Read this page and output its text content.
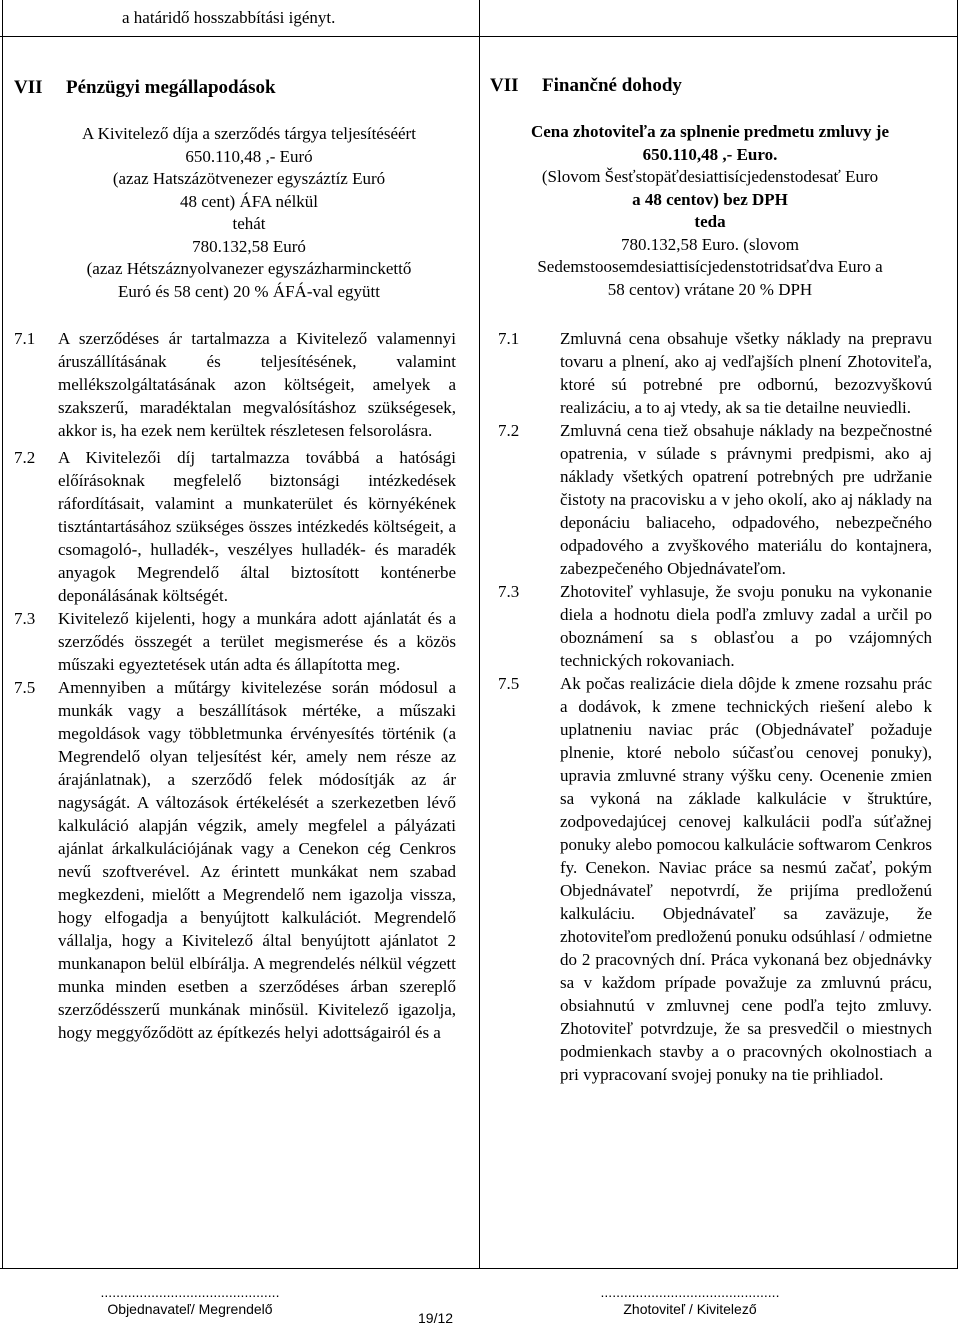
a határidő hosszabbítási igényt.
VII Pénzügyi megállapodások
A Kivitelező díja a szerződés tárgya teljesítéséért
650.110,48 ,- Euró
(azaz Hatszázötvenezer egyszáztíz Euró
48 cent) ÁFA nélkül
tehát
780.132,58 Euró
(azaz Hétszáznyolvanezer egyszázharminckettő
Euró és 58 cent) 20 % ÁFÁ-val együtt
7.1	A szerződéses ár tartalmazza a Kivitelező valamennyi áruszállításának és teljesítésének, valamint mellékszolgáltatásának azon költségeit, amelyek a szakszerű, maradéktalan megvalósításhoz szükségesek, akkor is, ha ezek nem kerültek részletesen felsorolásra.
7.2	A Kivitelezői díj tartalmazza továbbá a hatósági előírásoknak megfelelő biztonsági intézkedések ráfordításait, valamint a munkaterület és környékének tisztántartásához szükséges összes intézkedés költségeit, a csomagoló-, hulladék-, veszélyes hulladék- és maradék anyagok Megrendelő által biztosított konténerbe deponálásának költségét.
7.3	Kivitelező kijelenti, hogy a munkára adott ajánlatát és a szerződés összegét a terület megismerése és a közös műszaki egyeztetések után adta és állapította meg.
7.5	Amennyiben a műtárgy kivitelezése során módosul a munkák vagy a beszállítások mértéke, a műszaki megoldások vagy többletmunka érvényesítés történik (a Megrendelő olyan teljesítést kér, amely nem része az árajánlatnak), a szerződő felek módosítják az ár nagyságát. A változások értékelését a szerkezetben lévő kalkuláció alapján végzik, amely megfelel a pályázati ajánlat árkalkulációjának vagy a Cenekon cég Cenkros nevű szoftverével. Az érintett munkákat nem szabad megkezdeni, mielőtt a Megrendelő nem igazolja vissza, hogy elfogadja a benyújtott kalkulációt. Megrendelő vállalja, hogy a Kivitelező által benyújtott ajánlatot 2 munkanapon belül elbírálja. A megrendelés nélkül végzett munka minden esetben a szerződéses árban szereplő szerződésszerű munkának minősül. Kivitelező igazolja, hogy meggyőződött az építkezés helyi adottságairól és a
VII Finančné dohody
Cena zhotoviteľa za splnenie predmetu zmluvy je
650.110,48 ,- Euro.
(Slovom Šesťstopäťdesiattisícjedenstodesať Euro
a 48 centov) bez DPH
teda
780.132,58 Euro. (slovom
Sedemstoosemdesiattisícjedenstotridsaťdva Euro a
58 centov) vrátane 20 % DPH
7.1	Zmluvná cena obsahuje všetky náklady na prepravu tovaru a plnení, ako aj vedľajších plnení Zhotoviteľa, ktoré sú potrebné pre odbornú, bezozvyškovú realizáciu, a to aj vtedy, ak sa tie detailne neuviedli.
7.2	Zmluvná cena tiež obsahuje náklady na bezpečnostné opatrenia, v súlade s právnymi predpismi, ako aj náklady všetkých opatrení potrebných pre udržanie čistoty na pracovisku a v jeho okolí, ako aj náklady na deponáciu baliaceho, odpadového, nebezpečného odpadového a zvyškového materiálu do kontajnera, zabezpečeného Objednávateľom.
7.3	Zhotoviteľ vyhlasuje, že svoju ponuku na vykonanie diela a hodnotu diela podľa zmluvy zadal a určil po oboznámení sa s oblasťou a po vzájomných technických rokovaniach.
7.5	Ak počas realizácie diela dôjde k zmene rozsahu prác a dodávok, k zmene technických riešení alebo k uplatneniu naviac prác (Objednávateľ požaduje plnenie, ktoré nebolo súčasťou cenovej ponuky), upravia zmluvné strany výšku ceny. Ocenenie zmien sa vykoná na základe kalkulácie v štruktúre, zodpovedajúcej cenovej kalkulácii podľa súťažnej ponuky alebo pomocou kalkulácie softwarom Cenkros fy. Cenekon. Naviac práce sa nesmú začať, pokým Objednávateľ nepotvrdí, že prijíma predloženú kalkuláciu. Objednávateľ sa zaväzuje, že zhotoviteľom predloženú ponuku odsúhlasí / odmietne do 2 pracovných dní. Práca vykonaná bez objednávky sa v každom prípade považuje za zmluvnú prácu, obsiahnutú v zmluvnej cene podľa tejto zmluvy. Zhotoviteľ potvrdzuje, že sa presvedčil o miestnych podmienkach stavby a o pracovných okolnostiach a pri vypracovaní svojej ponuky na tie prihliadol.
..............................................
Objednavateľ/ Megrendelő
..............................................
Zhotoviteľ / Kivitelező
19/12
